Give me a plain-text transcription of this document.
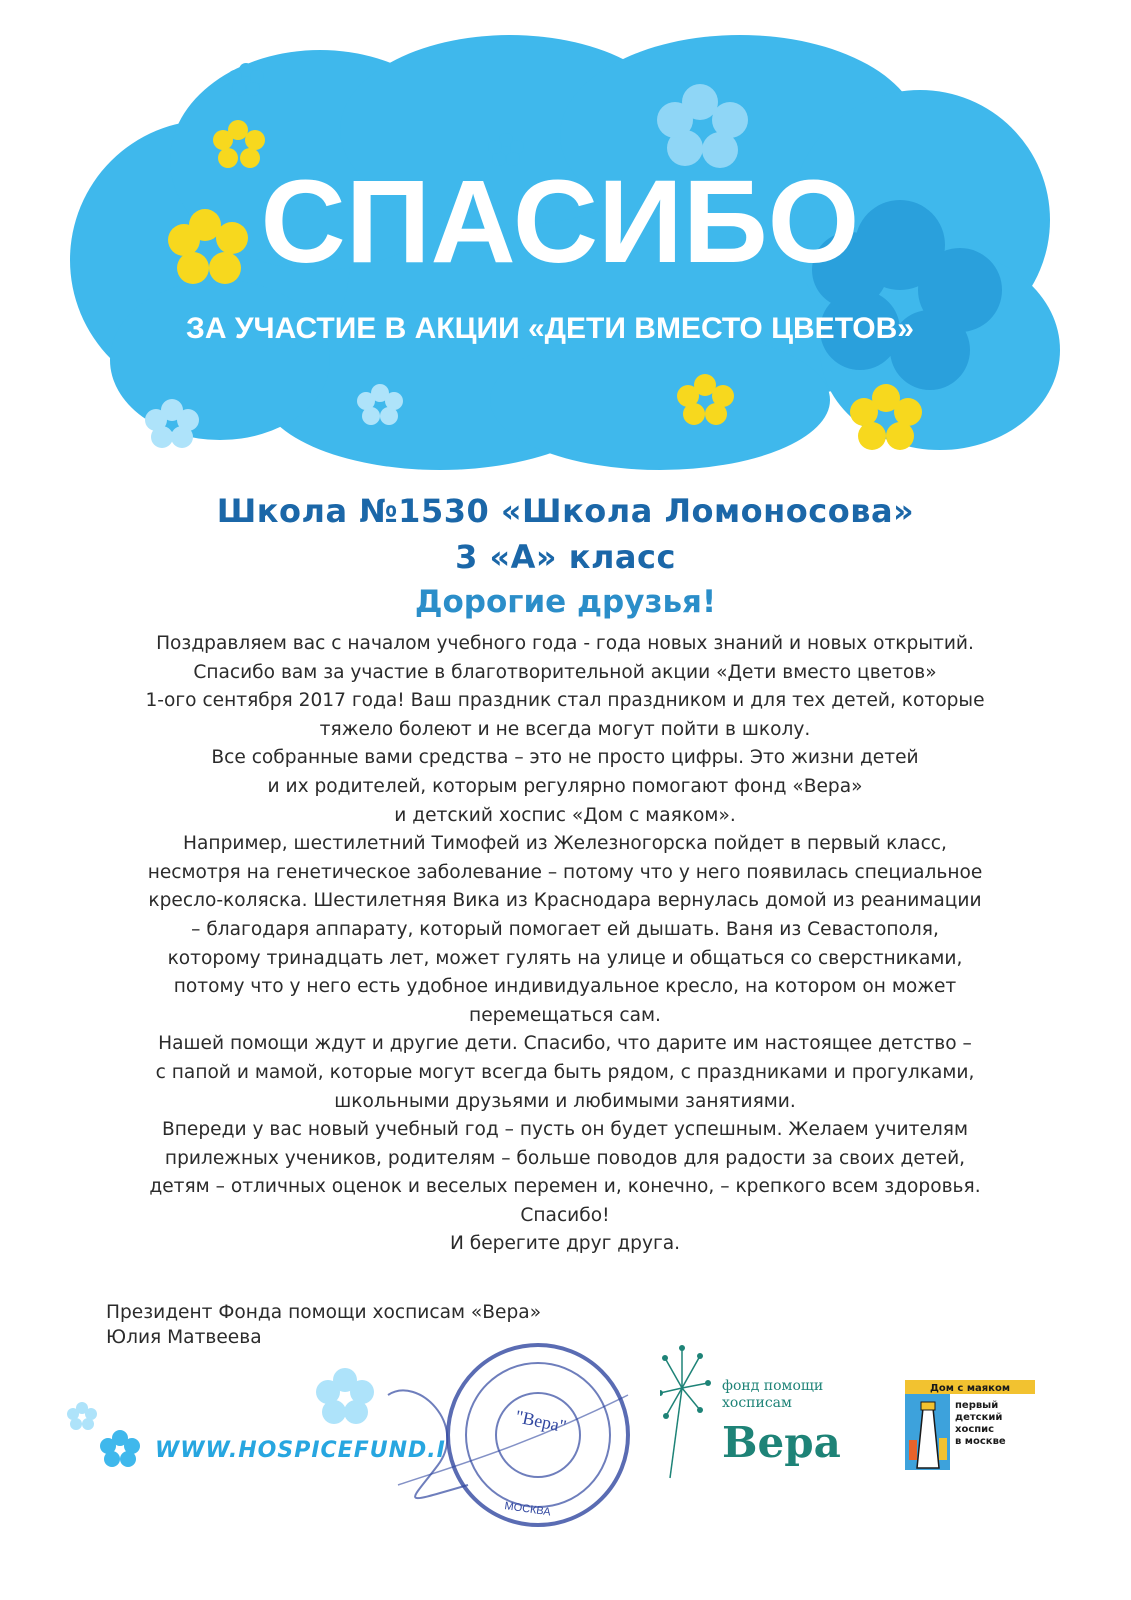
СПАСИБО
ЗА УЧАСТИЕ В АКЦИИ «ДЕТИ ВМЕСТО ЦВЕТОВ»

Школа №1530 «Школа Ломоносова»

3 «А» класс

Дорогие друзья!

Поздравляем вас с началом учебного года - года новых знаний и новых открытий.

Спасибо вам за участие в благотворительной акции «Дети вместо цветов»

1-ого сентября 2017 года! Ваш праздник стал праздником и для тех детей, которые

тяжело болеют и не всегда могут пойти в школу.

Все собранные вами средства – это не просто цифры. Это жизни детей

и их родителей, которым регулярно помогают фонд «Вера»

и детский хоспис «Дом с маяком».

Например, шестилетний Тимофей из Железногорска пойдет в первый класс,

несмотря на генетическое заболевание – потому что у него появилась специальное

кресло-коляска. Шестилетняя Вика из Краснодара вернулась домой из реанимации

– благодаря аппарату, который помогает ей дышать. Ваня из Севастополя,

которому тринадцать лет, может гулять на улице и общаться со сверстниками,

потому что у него есть удобное индивидуальное кресло, на котором он может

перемещаться сам.

Нашей помощи ждут и другие дети. Спасибо, что дарите им настоящее детство –

с папой и мамой, которые могут всегда быть рядом, с праздниками и прогулками,

школьными друзьями и любимыми занятиями.

Впереди у вас новый учебный год – пусть он будет успешным. Желаем учителям

прилежных учеников, родителям – больше поводов для радости за своих детей,

детям – отличных оценок и веселых перемен и, конечно, – крепкого всем здоровья.

Спасибо!

И берегите друг друга.

Президент Фонда помощи хосписам «Вера»
Юлия Матвеева
WWW.HOSPICEFUND.I
"Вера"
МОСКВА
фонд помощи
хосписам
Вера
Дом с маяком
первый
детский
хоспис
в москве
